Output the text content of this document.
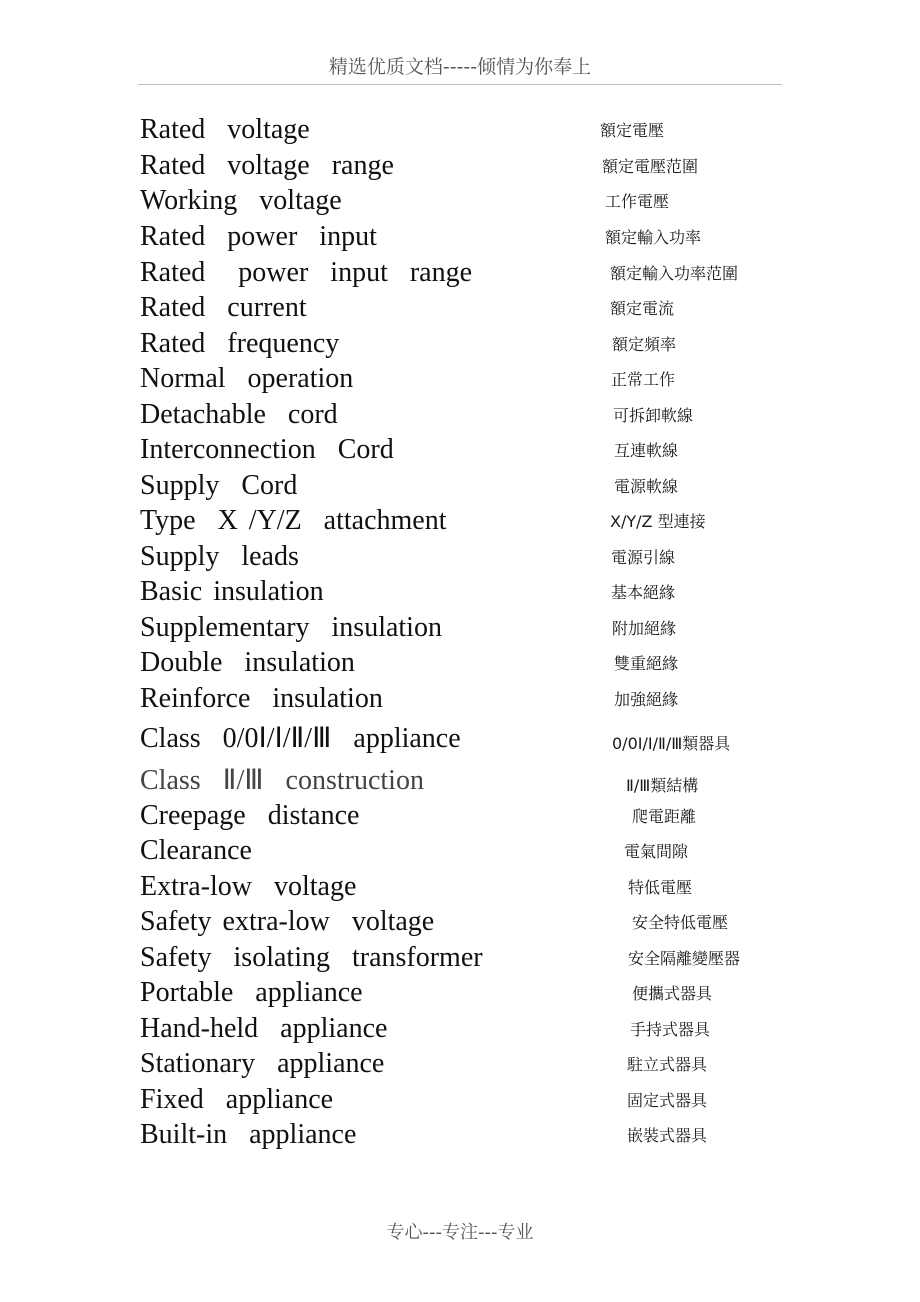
精选优质文档-----倾情为你奉上
Rated  voltage	額定電壓
Rated  voltage  range	額定電壓范圍
Working  voltage	工作電壓
Rated  power  input	額定輸入功率
Rated   power  input  range	額定輸入功率范圍
Rated  current	額定電流
Rated  frequency	額定頻率
Normal  operation	正常工作
Detachable  cord	可拆卸軟線
Interconnection  Cord	互連軟線
Supply  Cord	電源軟線
Type  X /Y/Z  attachment	X/Y/Z 型連接
Supply  leads	電源引線
Basic insulation	基本絕緣
Supplementary  insulation	附加絕緣
Double  insulation	雙重絕緣
Reinforce  insulation	加強絕緣
Class  0/0Ⅰ/Ⅰ/Ⅱ/Ⅲ  appliance	0/0Ⅰ/Ⅰ/Ⅱ/Ⅲ類器具
Class  Ⅱ/Ⅲ  construction	Ⅱ/Ⅲ類結構
Creepage  distance	爬電距離
Clearance	電氣間隙
Extra-low  voltage	特低電壓
Safety extra-low  voltage	安全特低電壓
Safety  isolating  transformer	安全隔離變壓器
Portable  appliance	便攜式器具
Hand-held  appliance	手持式器具
Stationary  appliance	駐立式器具
Fixed  appliance	固定式器具
Built-in  appliance	嵌裝式器具
专心---专注---专业
